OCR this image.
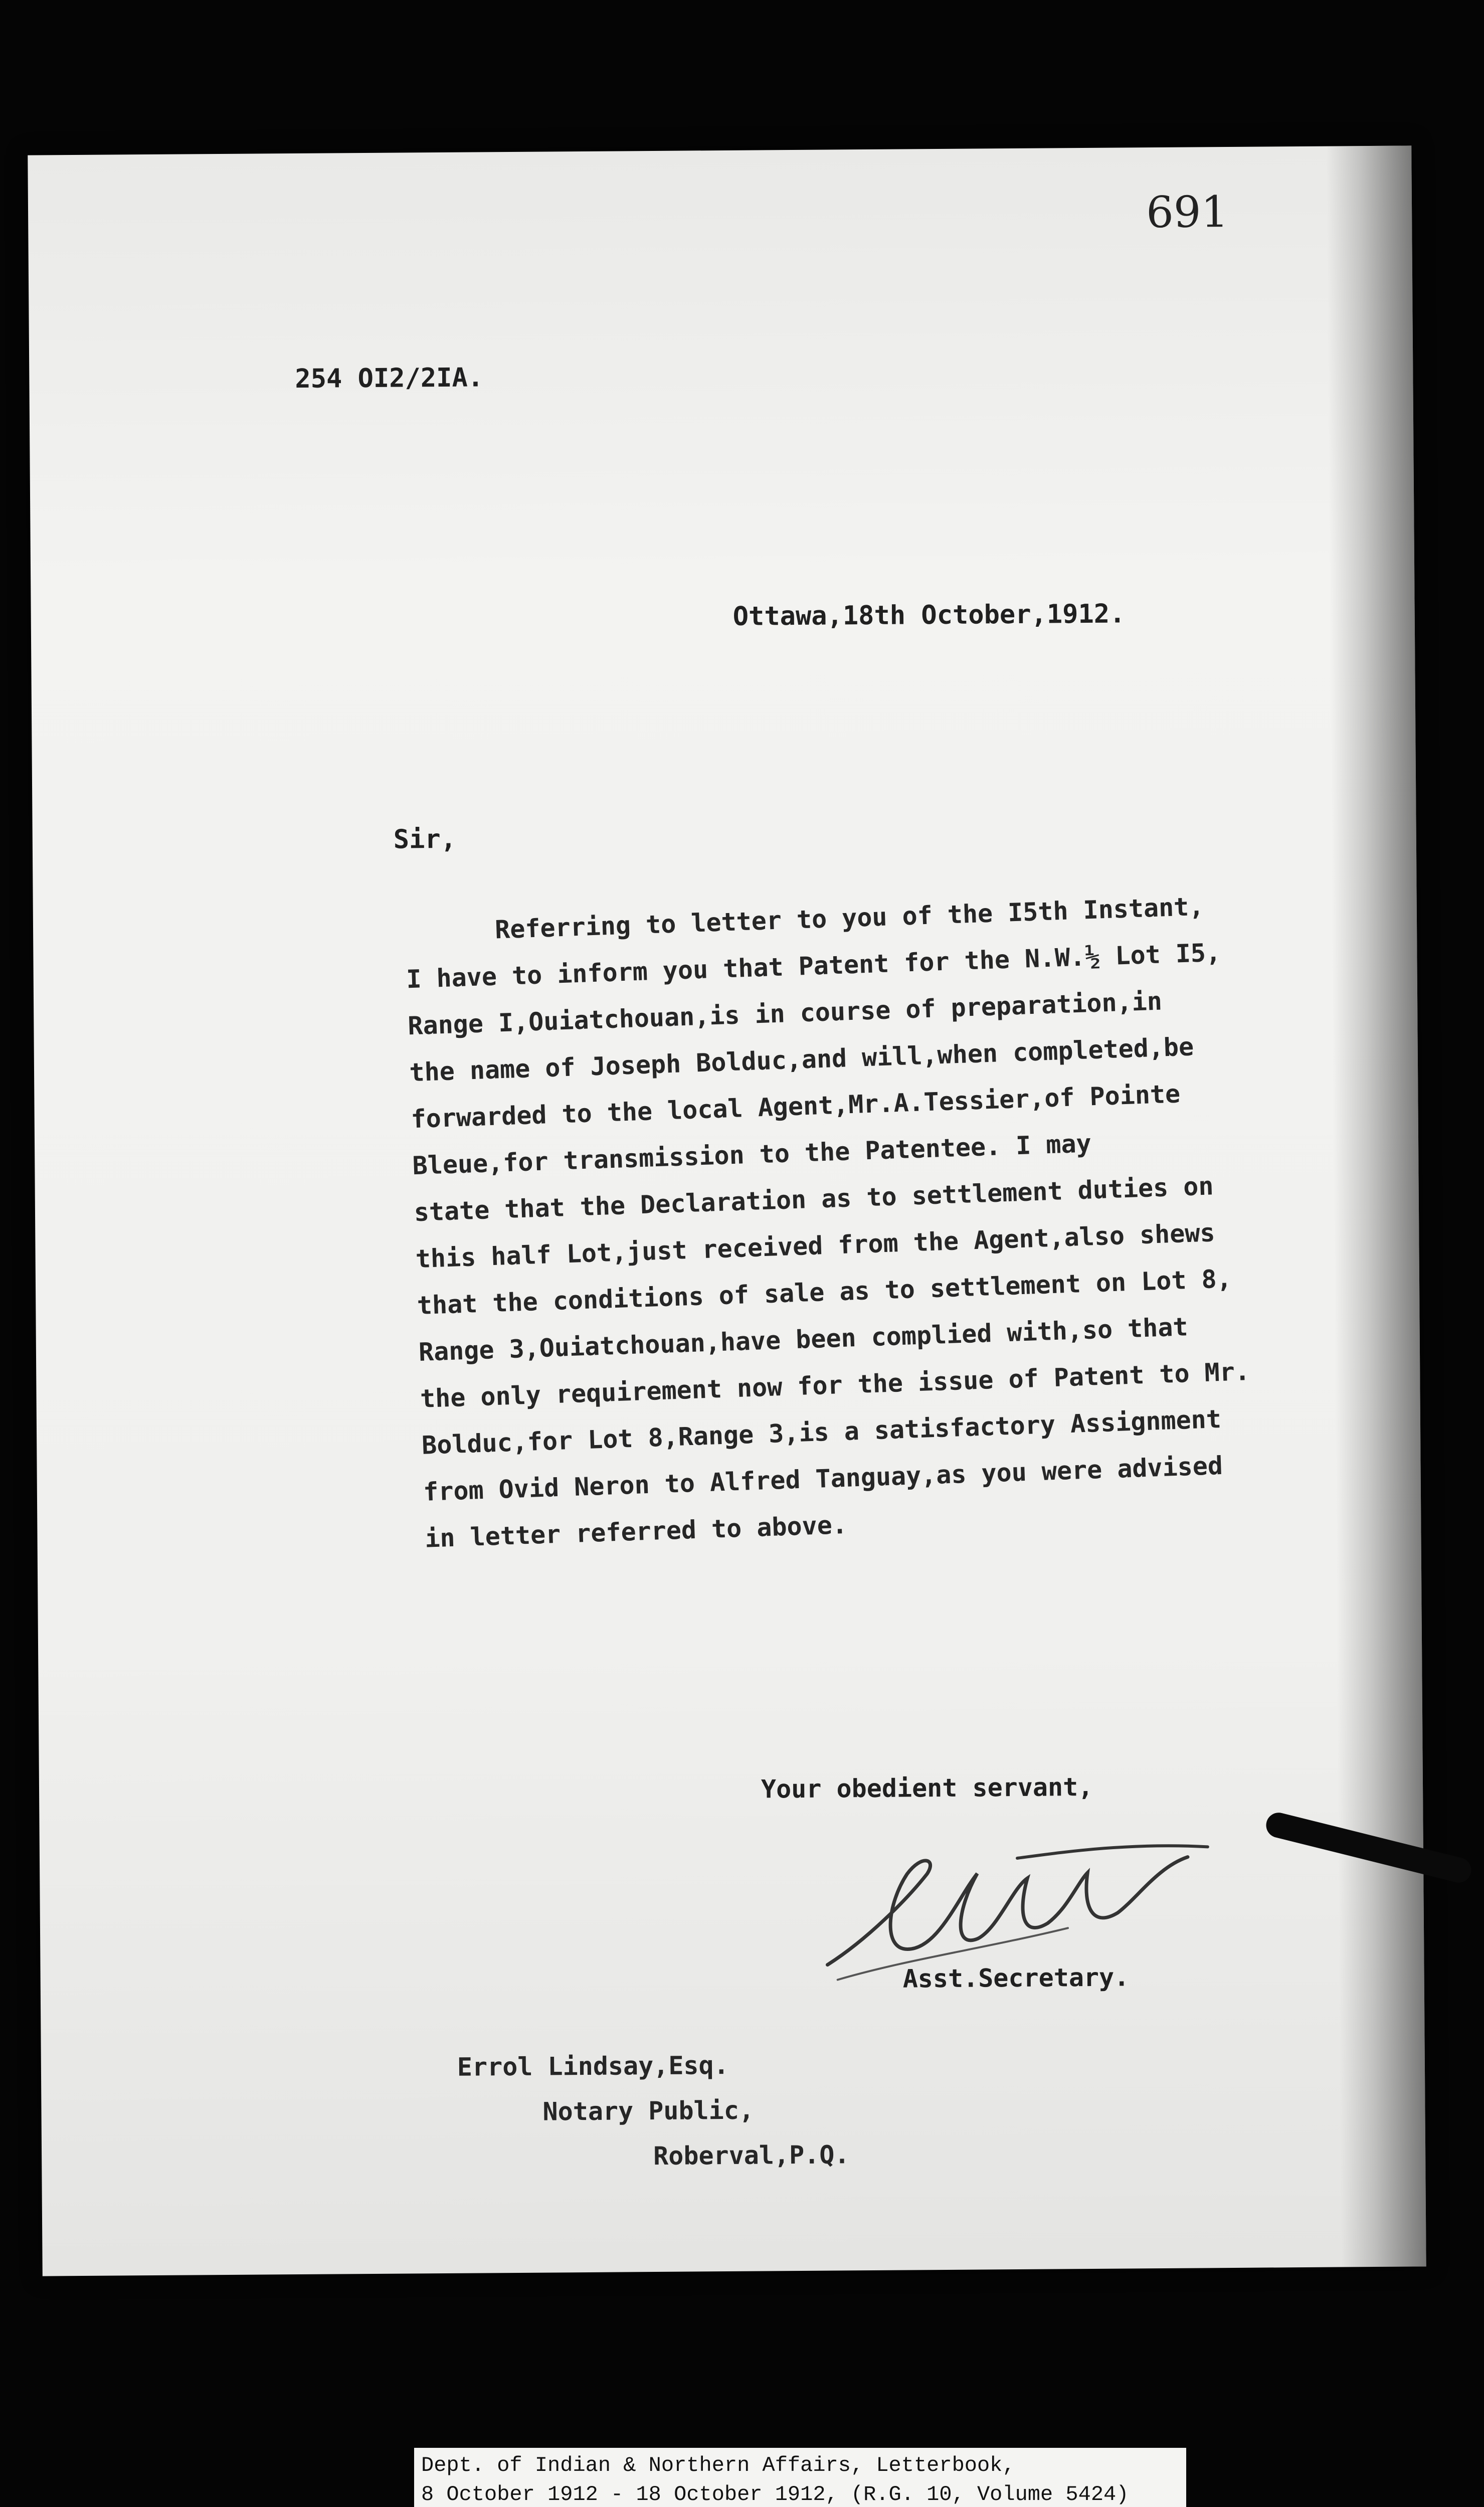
691
254 OI2/2IA.
Ottawa,18th October,1912.
Sir,
Referring to letter to you of the I5th Instant,
I have to inform you that Patent for the N.W.½ Lot I5,
Range I,Ouiatchouan,is in course of preparation,in
the name of Joseph Bolduc,and will,when completed,be
forwarded to the local Agent,Mr.A.Tessier,of Pointe
Bleue,for transmission to the Patentee. I may
state that the Declaration as to settlement duties on
this half Lot,just received from the Agent,also shews
that the conditions of sale as to settlement on Lot 8,
Range 3,Ouiatchouan,have been complied with,so that
the only requirement now for the issue of Patent to Mr.
Bolduc,for Lot 8,Range 3,is a satisfactory Assignment
from Ovid Neron to Alfred Tanguay,as you were advised
in letter referred to above.
Your obedient servant,
Asst.Secretary.
Errol Lindsay,Esq.
Notary Public,
Roberval,P.Q.
Dept. of Indian & Northern Affairs, Letterbook,
8 October 1912 - 18 October 1912, (R.G. 10, Volume 5424)
